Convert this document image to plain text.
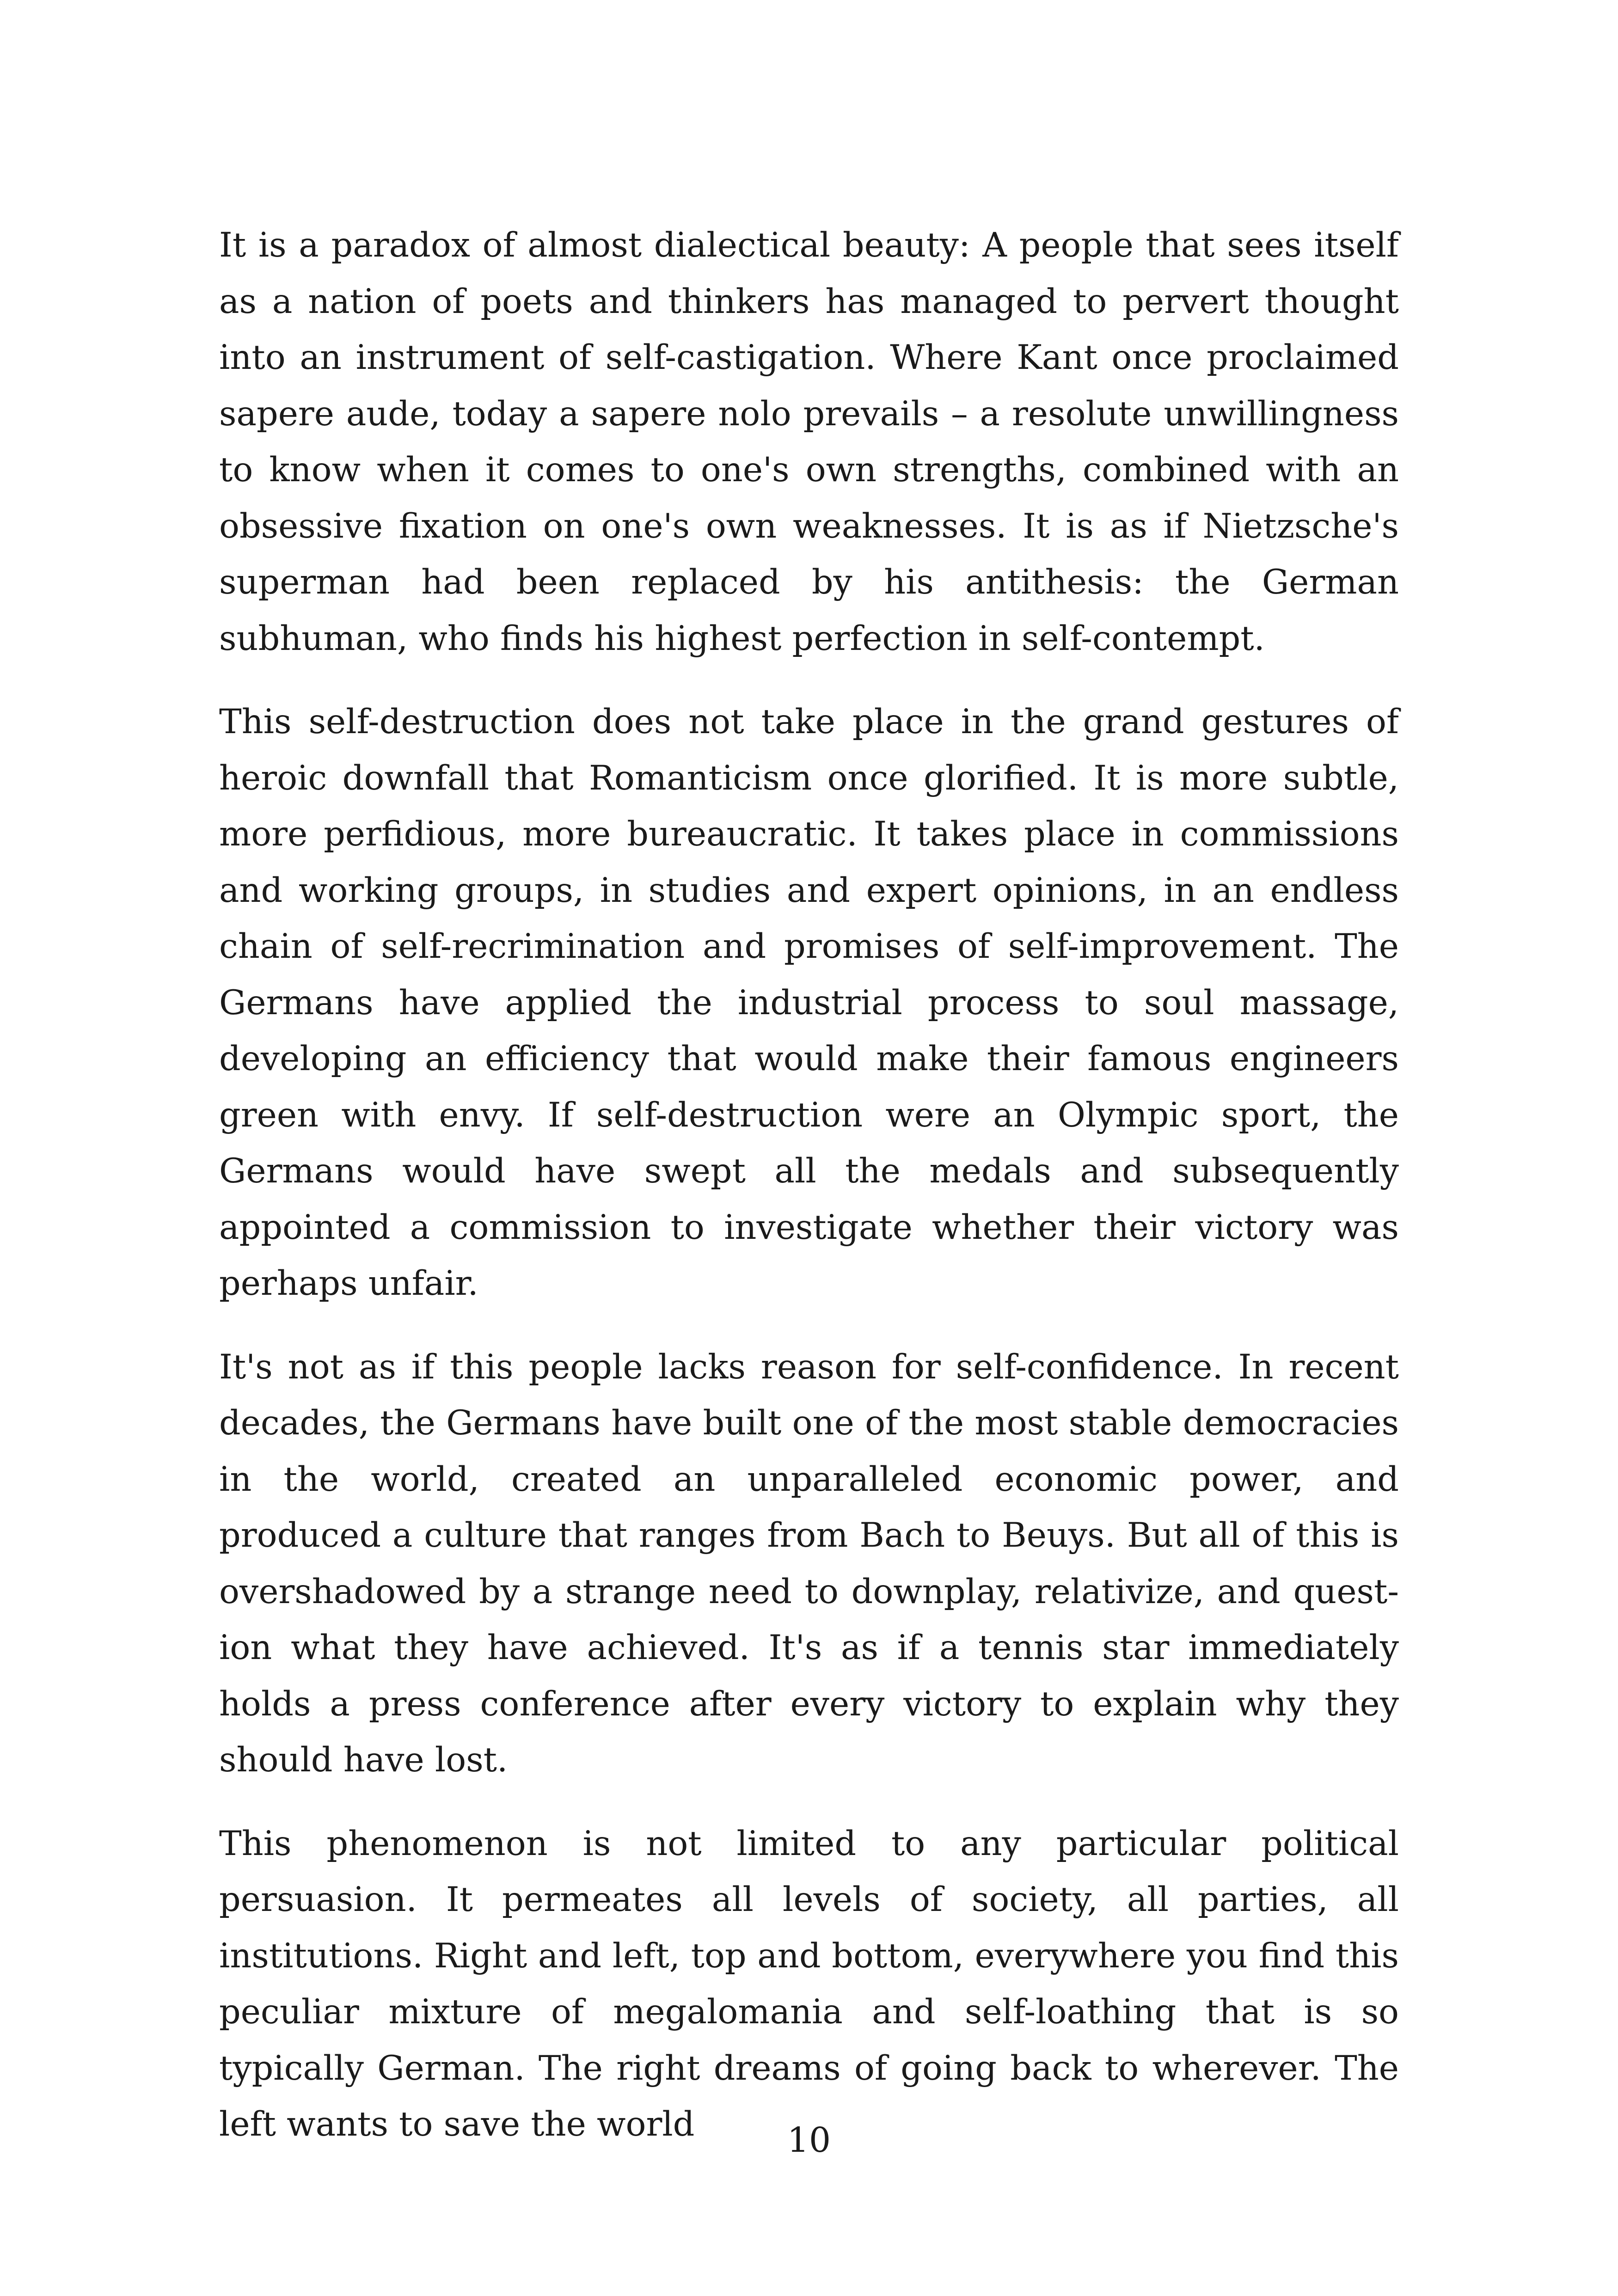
It is a paradox of almost dialectical beauty: A people that sees itself as a nation of poets and thinkers has managed to pervert thought into an instrument of self-castigation. Where Kant once proclaimed sapere aude, today a sapere nolo prevails – a resolute unwillingness to know when it comes to one's own strengths, combined with an obsessive fixation on one's own weaknesses. It is as if Nietzsche's superman had been replaced by his antithesis: the German subhuman, who finds his highest perfection in self-contempt.

This self-destruction does not take place in the grand gestures of heroic downfall that Romanticism once glorified. It is more subtle, more perfidious, more bureaucratic. It takes place in commissions and working groups, in studies and expert opinions, in an endless chain of self-recrimination and promises of self-improvement. The Germans have applied the industrial process to soul massage, developing an efficiency that would make their famous engineers green with envy. If self-destruction were an Olympic sport, the Germans would have swept all the medals and subsequently appointed a commission to investigate whether their victory was perhaps unfair.

It's not as if this people lacks reason for self-confidence. In recent decades, the Germans have built one of the most stable democracies in the world, created an unparalleled economic power, and produced a culture that ranges from Bach to Beuys. But all of this is overshadowed by a strange need to downplay, relativize, and question what they have achieved. It's as if a tennis star immediately holds a press conference after every victory to explain why they should have lost.

This phenomenon is not limited to any particular political persuasion. It permeates all levels of society, all parties, all institutions. Right and left, top and bottom, everywhere you find this peculiar mixture of megalomania and self-loathing that is so typically German. The right dreams of going back to wherever. The left wants to save the world	10
